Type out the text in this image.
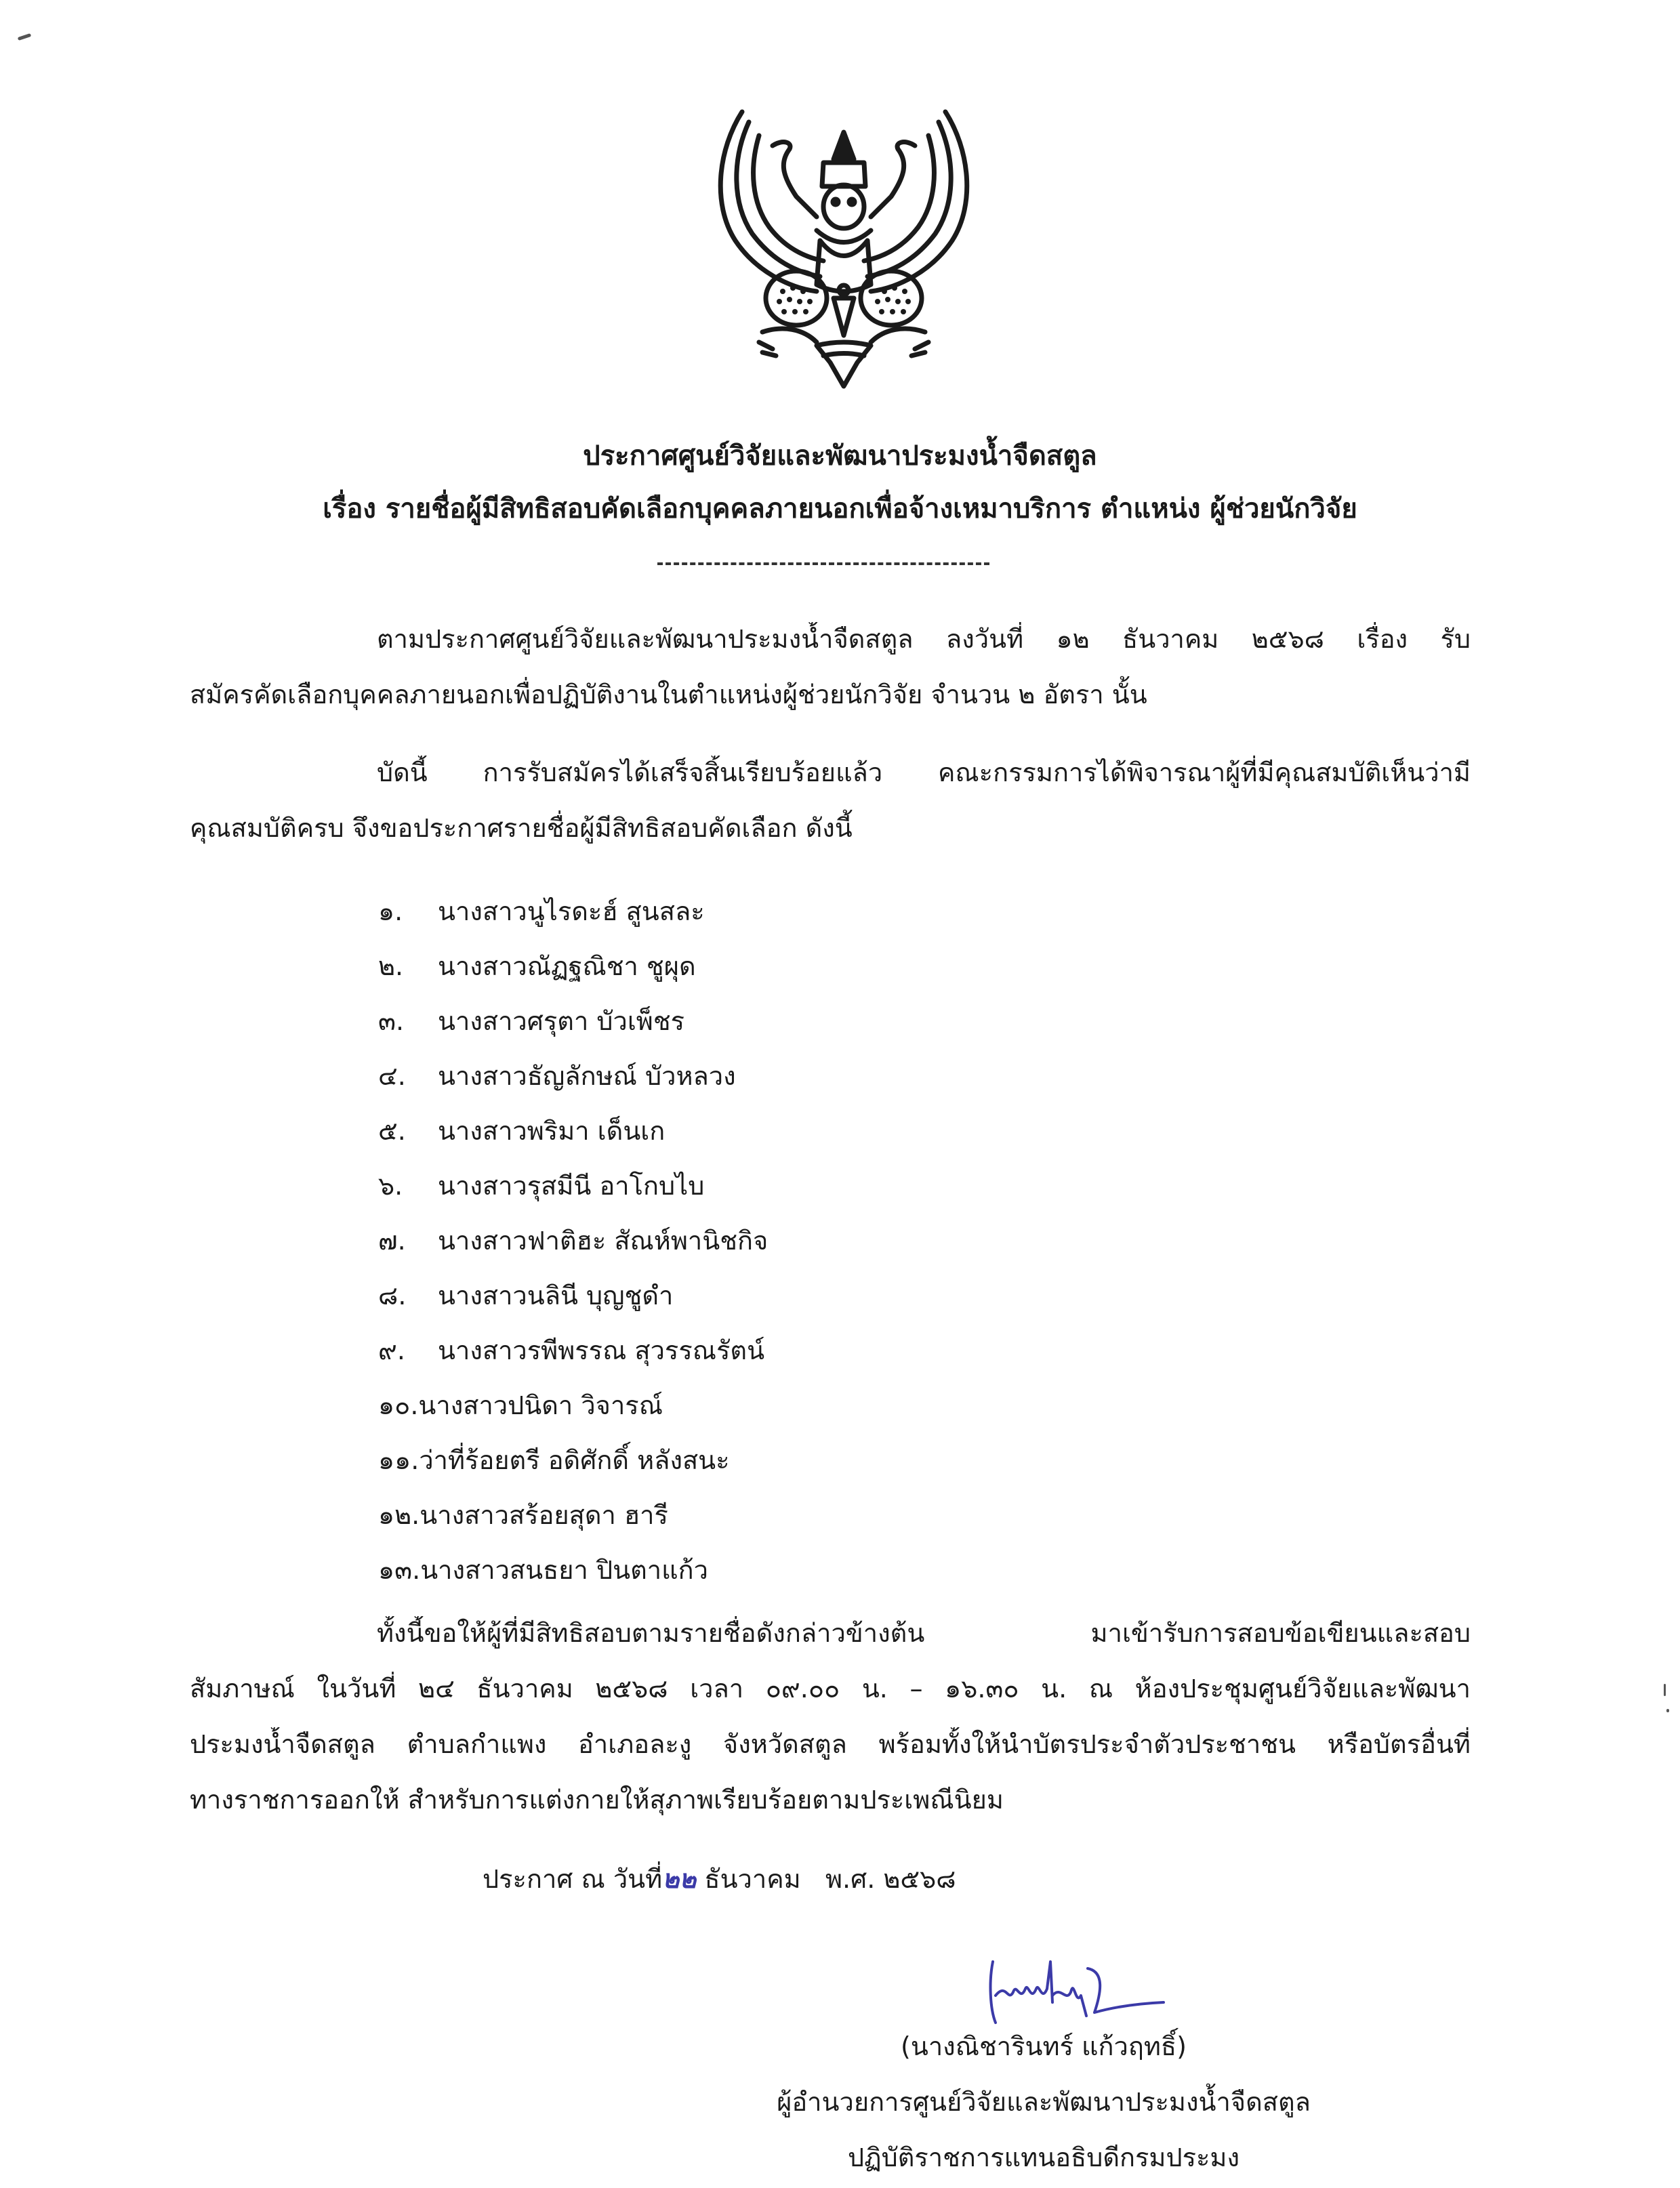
ประกาศศูนย์วิจัยและพัฒนาประมงน้ำจืดสตูล
เรื่อง รายชื่อผู้มีสิทธิสอบคัดเลือกบุคคลภายนอกเพื่อจ้างเหมาบริการ ตำแหน่ง ผู้ช่วยนักวิจัย
ตามประกาศศูนย์วิจัยและพัฒนาประมงน้ำจืดสตูล ลงวันที่ ๑๒ ธันวาคม ๒๕๖๘ เรื่อง รับ
สมัครคัดเลือกบุคคลภายนอกเพื่อปฏิบัติงานในตำแหน่งผู้ช่วยนักวิจัย จำนวน ๒ อัตรา นั้น
บัดนี้ การรับสมัครได้เสร็จสิ้นเรียบร้อยแล้ว คณะกรรมการได้พิจารณาผู้ที่มีคุณสมบัติเห็นว่ามี
คุณสมบัติครบ จึงขอประกาศรายชื่อผู้มีสิทธิสอบคัดเลือก ดังนี้
๑.	นางสาวนูไรดะฮ์ สูนสละ
๒.	นางสาวณัฏฐณิชา ชูผุด
๓.	นางสาวศรุตา บัวเพ็ชร
๔.	นางสาวธัญลักษณ์ บัวหลวง
๕.	นางสาวพริมา เด็นเก
๖.	นางสาวรุสมีนี อาโกบไบ
๗.	นางสาวฟาติฮะ สัณห์พานิชกิจ
๘.	นางสาวนลินี บุญชูดำ
๙.	นางสาวรพีพรรณ สุวรรณรัตน์
๑๐. นางสาวปนิดา วิจารณ์
๑๑. ว่าที่ร้อยตรี อดิศักดิ์ หลังสนะ
๑๒. นางสาวสร้อยสุดา ฮารี
๑๓. นางสาวสนธยา ปินตาแก้ว
ทั้งนี้ขอให้ผู้ที่มีสิทธิสอบตามรายชื่อดังกล่าวข้างต้น มาเข้ารับการสอบข้อเขียนและสอบ
สัมภาษณ์ ในวันที่ ๒๔ ธันวาคม ๒๕๖๘ เวลา ๐๙.๐๐ น. – ๑๖.๓๐ น. ณ ห้องประชุมศูนย์วิจัยและพัฒนา
ประมงน้ำจืดสตูล ตำบลกำแพง อำเภอละงู จังหวัดสตูล พร้อมทั้งให้นำบัตรประจำตัวประชาชน หรือบัตรอื่นที่
ทางราชการออกให้ สำหรับการแต่งกายให้สุภาพเรียบร้อยตามประเพณีนิยม
ประกาศ ณ วันที่๒๒ ธันวาคม พ.ศ. ๒๕๖๘
(นางณิชารินทร์ แก้วฤทธิ์)
ผู้อำนวยการศูนย์วิจัยและพัฒนาประมงน้ำจืดสตูล
ปฏิบัติราชการแทนอธิบดีกรมประมง
